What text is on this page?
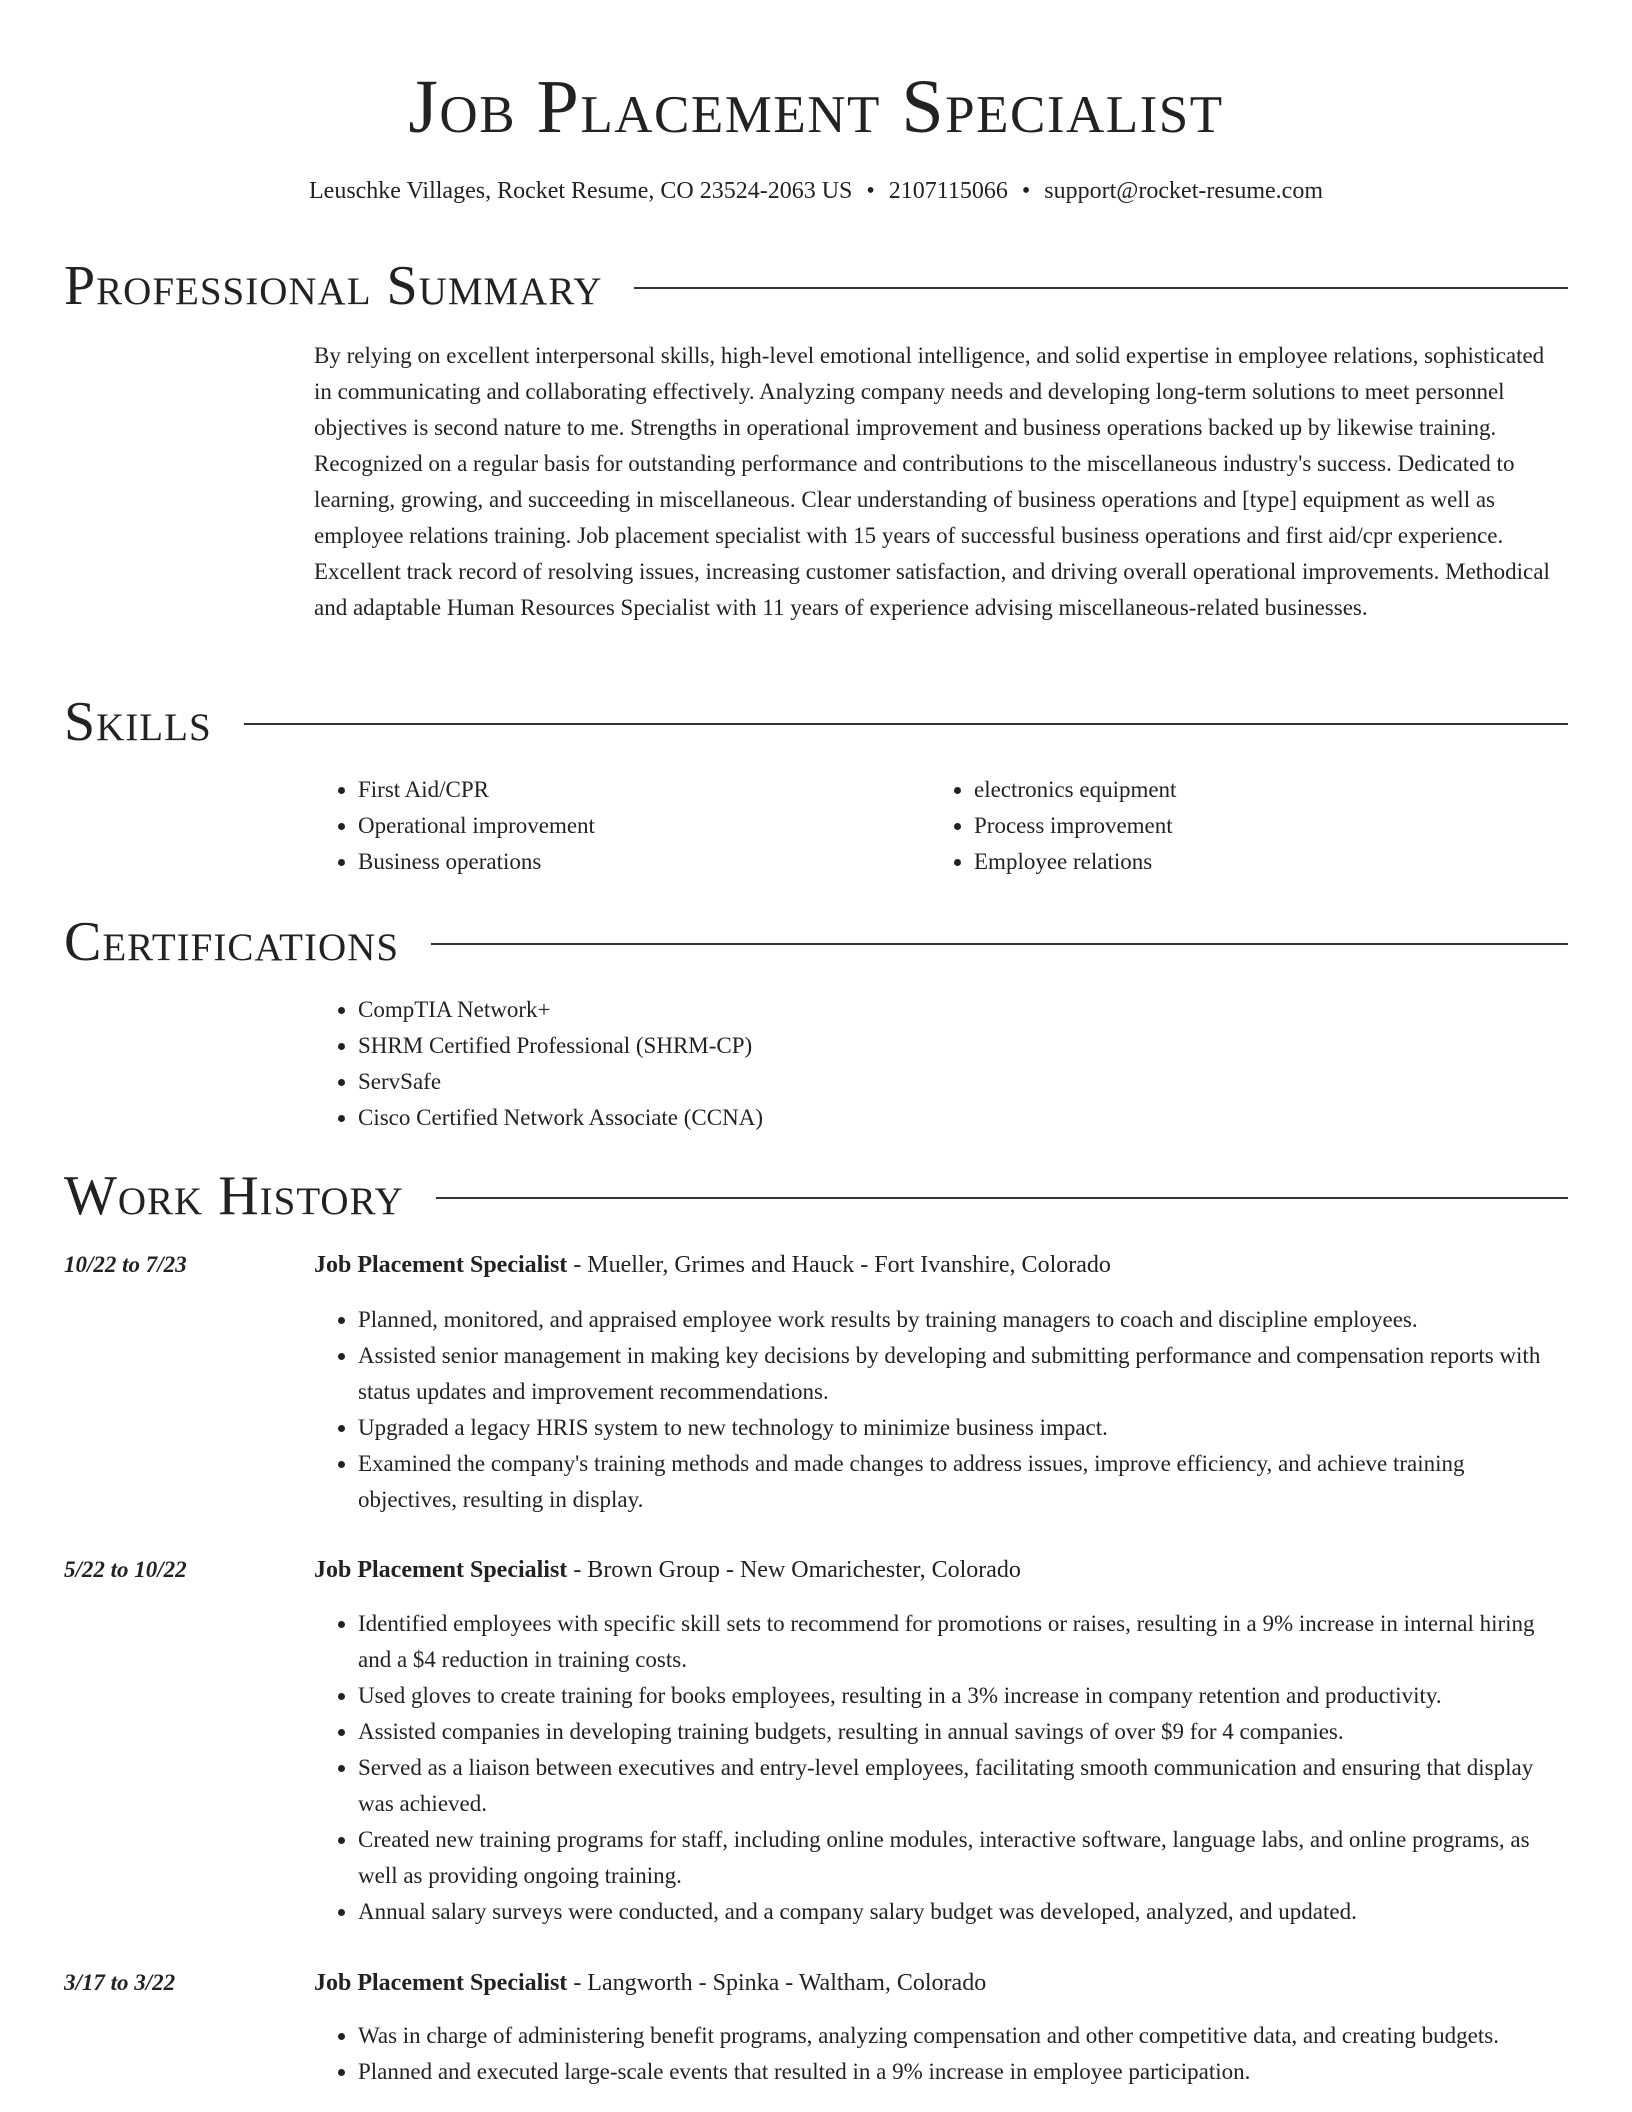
Job Placement Specialist
Leuschke Villages, Rocket Resume, CO 23524-2063 US • 2107115066 • support@rocket-resume.com
Professional Summary

By relying on excellent interpersonal skills, high-level emotional intelligence, and solid expertise in employee relations, sophisticated in communicating and collaborating effectively. Analyzing company needs and developing long-term solutions to meet personnel objectives is second nature to me. Strengths in operational improvement and business operations backed up by likewise training. Recognized on a regular basis for outstanding performance and contributions to the miscellaneous industry's success. Dedicated to learning, growing, and succeeding in miscellaneous. Clear understanding of business operations and [type] equipment as well as employee relations training. Job placement specialist with 15 years of successful business operations and first aid/cpr experience. Excellent track record of resolving issues, increasing customer satisfaction, and driving overall operational improvements. Methodical and adaptable Human Resources Specialist with 11 years of experience advising miscellaneous-related businesses.

Skills
• First Aid/CPR
• Operational improvement
• Business operations
• electronics equipment
• Process improvement
• Employee relations
Certifications
• CompTIA Network+
• SHRM Certified Professional (SHRM-CP)
• ServSafe
• Cisco Certified Network Associate (CCNA)
Work History
10/22 to 7/23	Job Placement Specialist - Mueller, Grimes and Hauck - Fort Ivanshire, Colorado
• Planned, monitored, and appraised employee work results by training managers to coach and discipline employees.
• Assisted senior management in making key decisions by developing and submitting performance and compensation reports with status updates and improvement recommendations.
• Upgraded a legacy HRIS system to new technology to minimize business impact.
• Examined the company's training methods and made changes to address issues, improve efficiency, and achieve training objectives, resulting in display.
5/22 to 10/22	Job Placement Specialist - Brown Group - New Omarichester, Colorado
• Identified employees with specific skill sets to recommend for promotions or raises, resulting in a 9% increase in internal hiring and a $4 reduction in training costs.
• Used gloves to create training for books employees, resulting in a 3% increase in company retention and productivity.
• Assisted companies in developing training budgets, resulting in annual savings of over $9 for 4 companies.
• Served as a liaison between executives and entry-level employees, facilitating smooth communication and ensuring that display was achieved.
• Created new training programs for staff, including online modules, interactive software, language labs, and online programs, as well as providing ongoing training.
• Annual salary surveys were conducted, and a company salary budget was developed, analyzed, and updated.
3/17 to 3/22	Job Placement Specialist - Langworth - Spinka - Waltham, Colorado
• Was in charge of administering benefit programs, analyzing compensation and other competitive data, and creating budgets.
• Planned and executed large-scale events that resulted in a 9% increase in employee participation.
